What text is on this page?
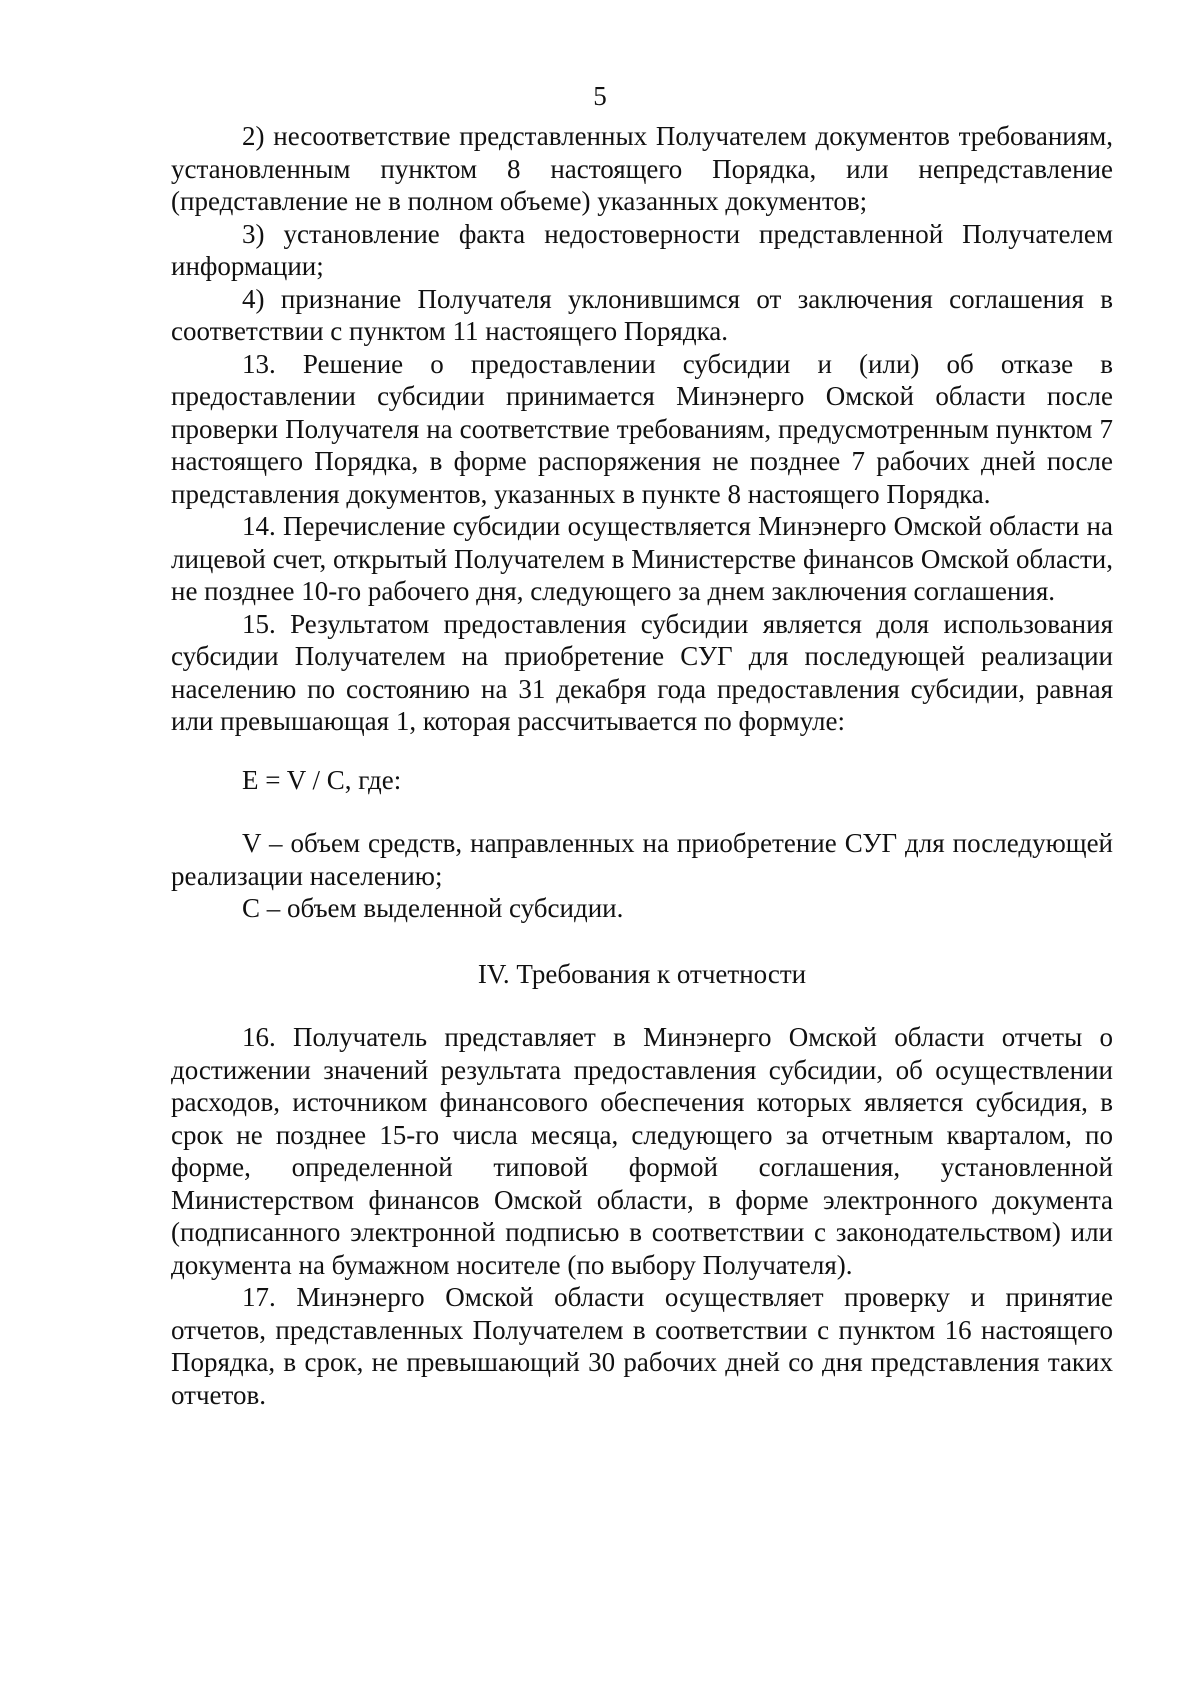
5

2) несоответствие представленных Получателем документов требованиям, установленным пунктом 8 настоящего Порядка, или непредставление (представление не в полном объеме) указанных документов;

3) установление факта недостоверности представленной Получателем информации;

4) признание Получателя уклонившимся от заключения соглашения в соответствии с пунктом 11 настоящего Порядка.

13. Решение о предоставлении субсидии и (или) об отказе в предоставлении субсидии принимается Минэнерго Омской области после проверки Получателя на соответствие требованиям, предусмотренным пунктом 7 настоящего Порядка, в форме распоряжения не позднее 7 рабочих дней после представления документов, указанных в пункте 8 настоящего Порядка.

14. Перечисление субсидии осуществляется Минэнерго Омской области на лицевой счет, открытый Получателем в Министерстве финансов Омской области, не позднее 10-го рабочего дня, следующего за днем заключения соглашения.

15. Результатом предоставления субсидии является доля использования субсидии Получателем на приобретение СУГ для последующей реализации населению по состоянию на 31 декабря года предоставления субсидии, равная или превышающая 1, которая рассчитывается по формуле:

E = V / C, где:

V – объем средств, направленных на приобретение СУГ для последующей реализации населению;

C – объем выделенной субсидии.

IV. Требования к отчетности

16. Получатель представляет в Минэнерго Омской области отчеты о достижении значений результата предоставления субсидии, об осуществлении расходов, источником финансового обеспечения которых является субсидия, в срок не позднее 15-го числа месяца, следующего за отчетным кварталом, по форме, определенной типовой формой соглашения, установленной Министерством финансов Омской области, в форме электронного документа (подписанного электронной подписью в соответствии с законодательством) или документа на бумажном носителе (по выбору Получателя).

17. Минэнерго Омской области осуществляет проверку и принятие отчетов, представленных Получателем в соответствии с пунктом 16 настоящего Порядка, в срок, не превышающий 30 рабочих дней со дня представления таких отчетов.
